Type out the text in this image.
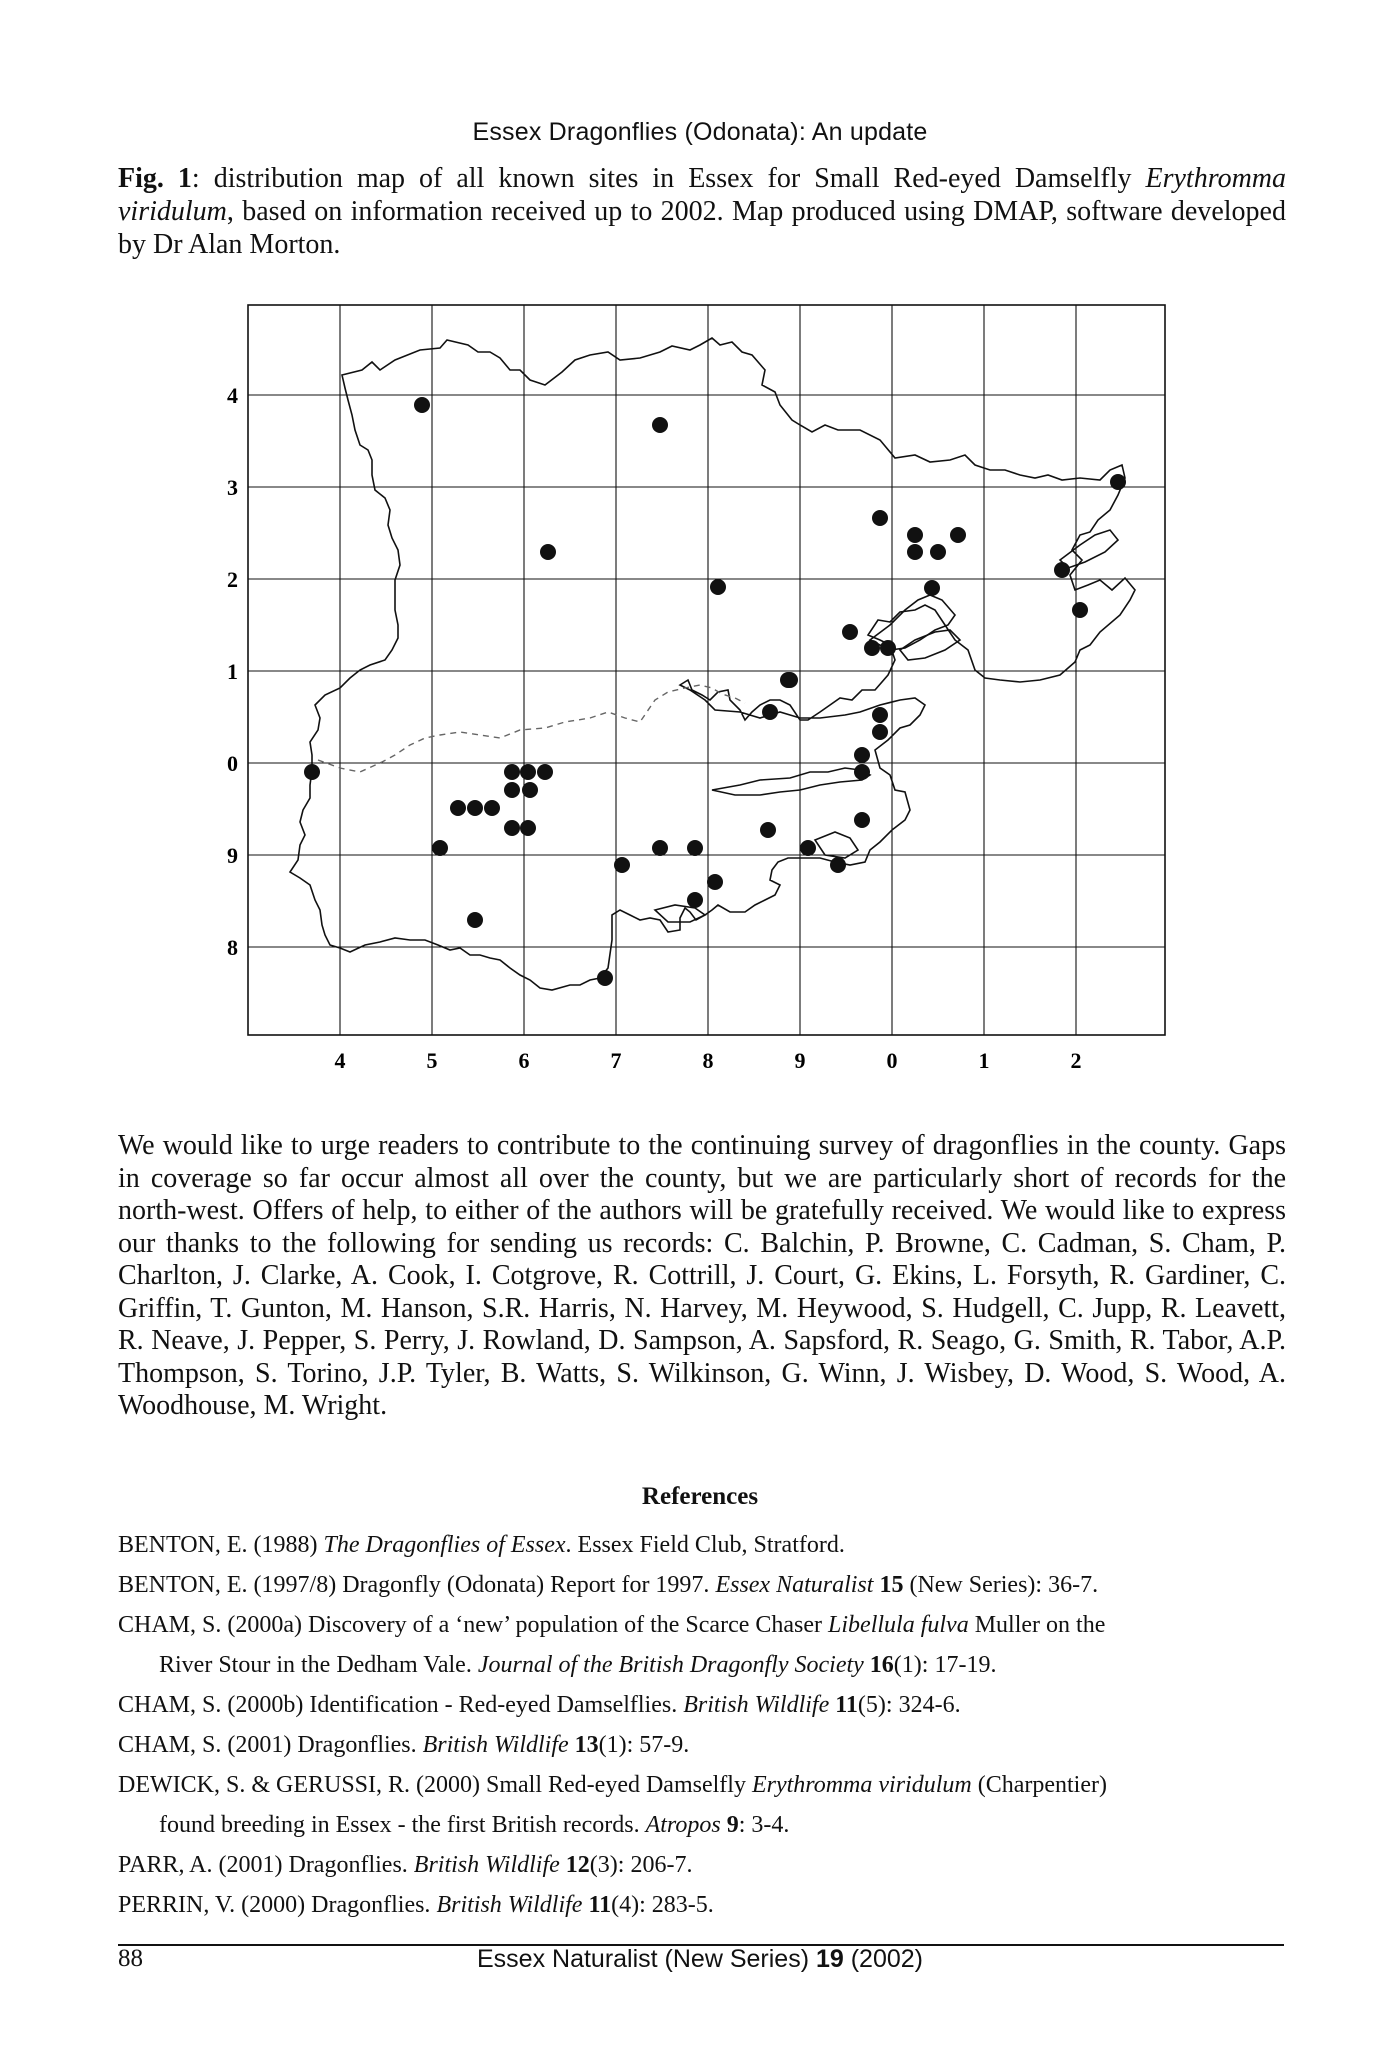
Essex Dragonflies (Odonata): An update
Fig. 1: distribution map of all known sites in Essex for Small Red-eyed Damselfly Erythromma viridulum, based on information received up to 2002. Map produced using DMAP, software developed by Dr Alan Morton.
4	5	6	7	8	9	0	1	2
4
3
2
1
0
9
8
We would like to urge readers to contribute to the continuing survey of dragonflies in the county. Gaps in coverage so far occur almost all over the county, but we are particularly short of records for the north-west. Offers of help, to either of the authors will be gratefully received. We would like to express our thanks to the following for sending us records: C. Balchin, P. Browne, C. Cadman, S. Cham, P. Charlton, J. Clarke, A. Cook, I. Cotgrove, R. Cottrill, J. Court, G. Ekins, L. Forsyth, R. Gardiner, C. Griffin, T. Gunton, M. Hanson, S.R. Harris, N. Harvey, M. Heywood, S. Hudgell, C. Jupp, R. Leavett, R. Neave, J. Pepper, S. Perry, J. Rowland, D. Sampson, A. Sapsford, R. Seago, G. Smith, R. Tabor, A.P. Thompson, S. Torino, J.P. Tyler, B. Watts, S. Wilkinson, G. Winn, J. Wisbey, D. Wood, S. Wood, A. Woodhouse, M. Wright.
References

BENTON, E. (1988) The Dragonflies of Essex. Essex Field Club, Stratford.

BENTON, E. (1997/8) Dragonfly (Odonata) Report for 1997. Essex Naturalist 15 (New Series): 36-7.

CHAM, S. (2000a) Discovery of a ‘new’ population of the Scarce Chaser Libellula fulva Muller on the
River Stour in the Dedham Vale. Journal of the British Dragonfly Society 16(1): 17-19.

CHAM, S. (2000b) Identification - Red-eyed Damselflies. British Wildlife 11(5): 324-6.

CHAM, S. (2001) Dragonflies. British Wildlife 13(1): 57-9.

DEWICK, S. & GERUSSI, R. (2000) Small Red-eyed Damselfly Erythromma viridulum (Charpentier)
found breeding in Essex - the first British records. Atropos 9: 3-4.

PARR, A. (2001) Dragonflies. British Wildlife 12(3): 206-7.

PERRIN, V. (2000) Dragonflies. British Wildlife 11(4): 283-5.

88	Essex Naturalist (New Series) 19 (2002)
